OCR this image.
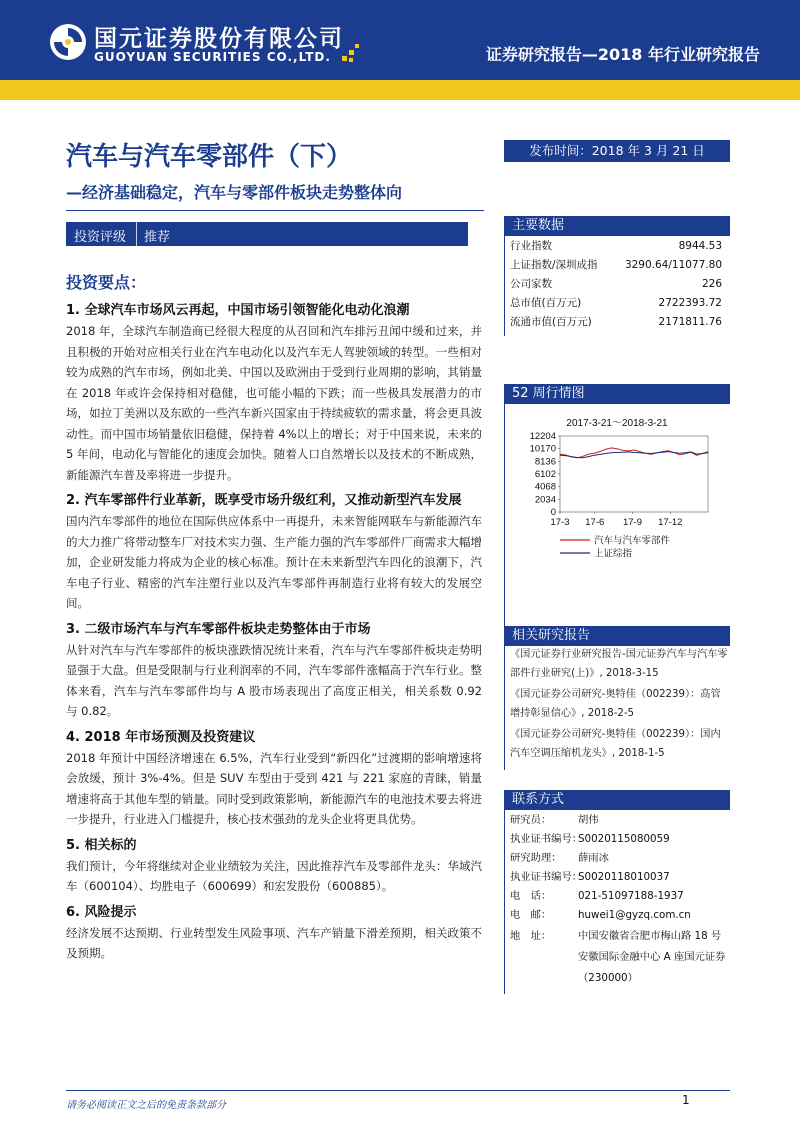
国元证券股份有限公司
GUOYUAN SECURITIES CO.,LTD.	证券研究报告—2018 年行业研究报告
汽车与汽车零部件（下）
—经济基础稳定，汽车与零部件板块走势整体向
投资评级 推荐
投资要点：
1. 全球汽车市场风云再起，中国市场引领智能化电动化浪潮
2018 年，全球汽车制造商已经很大程度的从召回和汽车排污丑闻中缓和过来，并且积极的开始对应相关行业在汽车电动化以及汽车无人驾驶领域的转型。一些相对较为成熟的汽车市场，例如北美、中国以及欧洲由于受到行业周期的影响，其销量在 2018 年或许会保持相对稳健，也可能小幅的下跌；而一些极具发展潜力的市场，如拉丁美洲以及东欧的一些汽车新兴国家由于持续疲软的需求量，将会更具波动性。而中国市场销量依旧稳健，保持着 4%以上的增长；对于中国来说，未来的 5 年间，电动化与智能化的速度会加快。随着人口自然增长以及技术的不断成熟，新能源汽车普及率将进一步提升。
2. 汽车零部件行业革新，既享受市场升级红利，又推动新型汽车发展
国内汽车零部件的地位在国际供应体系中一再提升，未来智能网联车与新能源汽车的大力推广将带动整车厂对技术实力强、生产能力强的汽车零部件厂商需求大幅增加，企业研发能力将成为企业的核心标准。预计在未来新型汽车四化的浪潮下，汽车电子行业、精密的汽车注塑行业以及汽车零部件再制造行业将有较大的发展空间。
3. 二级市场汽车与汽车零部件板块走势整体由于市场
从针对汽车与汽车零部件的板块涨跌情况统计来看，汽车与汽车零部件板块走势明显强于大盘。但是受限制与行业利润率的不同，汽车零部件涨幅高于汽车行业。整体来看，汽车与汽车零部件均与 A 股市场表现出了高度正相关，相关系数 0.92 与 0.82。
4. 2018 年市场预测及投资建议
2018 年预计中国经济增速在 6.5%，汽车行业受到“新四化”过渡期的影响增速将会放缓，预计 3%-4%。但是 SUV 车型由于受到 421 与 221 家庭的青睐，销量增速将高于其他车型的销量。同时受到政策影响，新能源汽车的电池技术要去将进一步提升，行业进入门槛提升，核心技术强劲的龙头企业将更具优势。
5. 相关标的
我们预计，今年将继续对企业业绩较为关注，因此推荐汽车及零部件龙头：华域汽车（600104）、均胜电子（600699）和宏发股份（600885）。
6. 风险提示
经济发展不达预期、行业转型发生风险事项、汽车产销量下滑差预期，相关政策不及预期。
发布时间：2018 年 3 月 21 日
主要数据
行业指数	8944.53
上证指数/深圳成指	3290.64/11077.80
公司家数	226
总市值(百万元)	2722393.72
流通市值(百万元)	2171811.76
52 周行情图
2017-3-21～2018-3-21
12204
10170
8136
6102
4068
2034
0
17-3 17-6 17-9 17-12
汽车与汽车零部件
上证综指
相关研究报告
《国元证券行业研究报告-国元证券汽车与汽车零部件行业研究(上)》, 2018-3-15
《国元证券公司研究-奥特佳（002239）：高管增持彰显信心》, 2018-2-5
《国元证券公司研究-奥特佳（002239）：国内汽车空调压缩机龙头》, 2018-1-5
联系方式
研究员：	胡伟
执业证书编号：S0020115080059
研究助理： 薛雨冰
执业证书编号：S0020118010037
电　话：	021-51097188-1937
电　邮：	huwei1@gyzq.com.cn
地　址：	中国安徽省合肥市梅山路 18 号安徽国际金融中心 A 座国元证券（230000）
请务必阅读正文之后的免责条款部分	1
